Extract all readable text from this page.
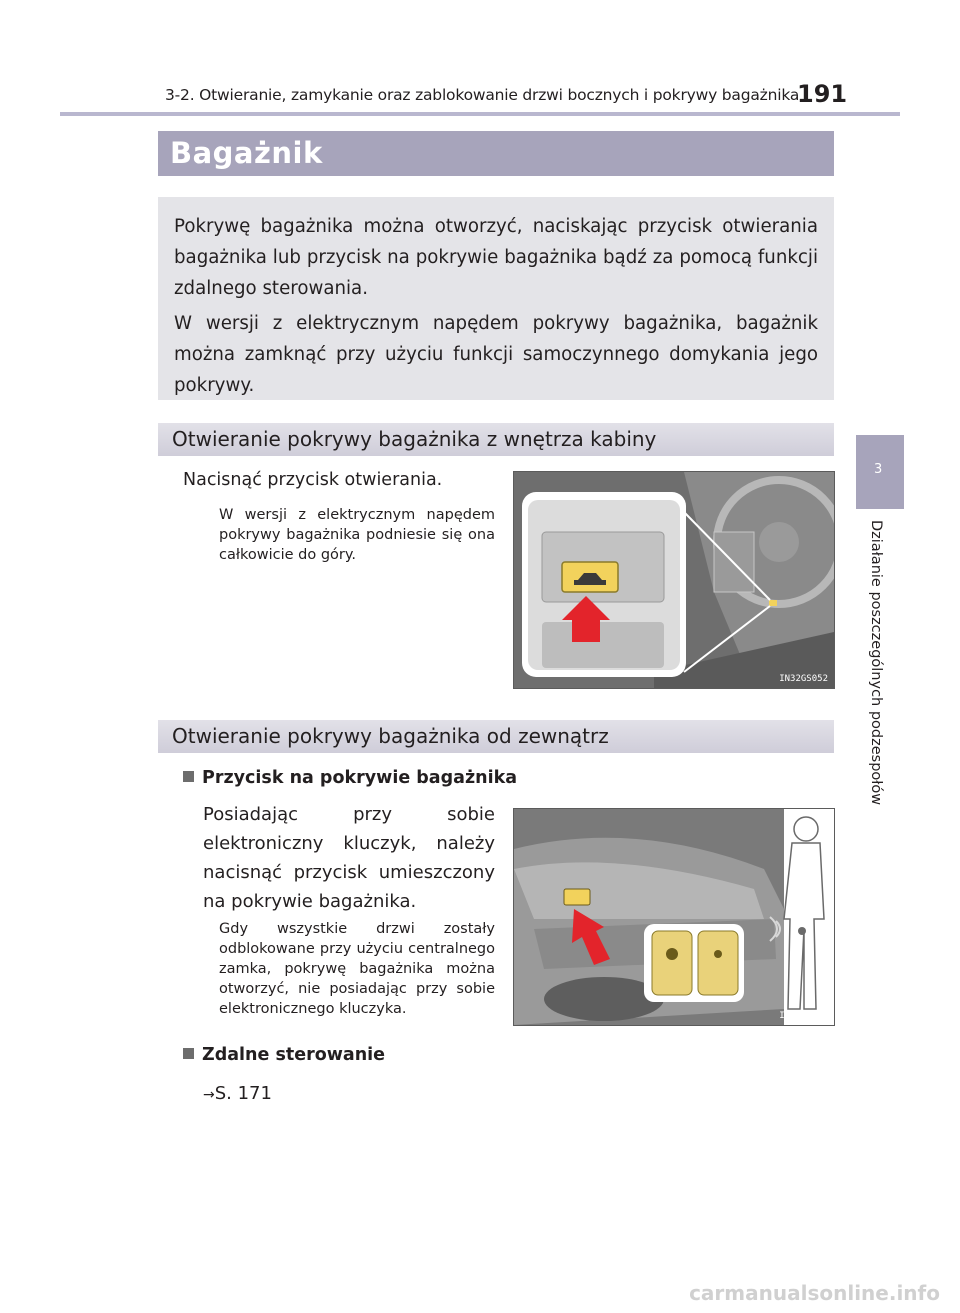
3-2. Otwieranie, zamykanie oraz zablokowanie drzwi bocznych i pokrywy bagażnika
191
Bagażnik

Pokrywę bagażnika można otworzyć, naciskając przycisk otwierania bagażnika lub przycisk na pokrywie bagażnika bądź za pomocą funkcji zdalnego sterowania.

W wersji z elektrycznym napędem pokrywy bagażnika, bagażnik można zamknąć przy użyciu funkcji samoczynnego domykania jego pokrywy.

3
Działanie poszczególnych podzespołów
Otwieranie pokrywy bagażnika z wnętrza kabiny
Nacisnąć przycisk otwierania.
W wersji z elektrycznym napędem pokrywy bagażnika podniesie się ona całkowicie do góry.
IN32GS052
Otwieranie pokrywy bagażnika od zewnątrz
Przycisk na pokrywie bagażnika
Posiadając przy sobie elektroniczny kluczyk, należy nacisnąć przycisk umieszczony na pokrywie bagażnika.
Gdy wszystkie drzwi zostały odblokowane przy użyciu centralnego zamka, pokrywę bagażnika można otworzyć, nie posiadając przy sobie elektronicznego kluczyka.	IN32GS057
Zdalne sterowanie
→S. 171
carmanualsonline.info
